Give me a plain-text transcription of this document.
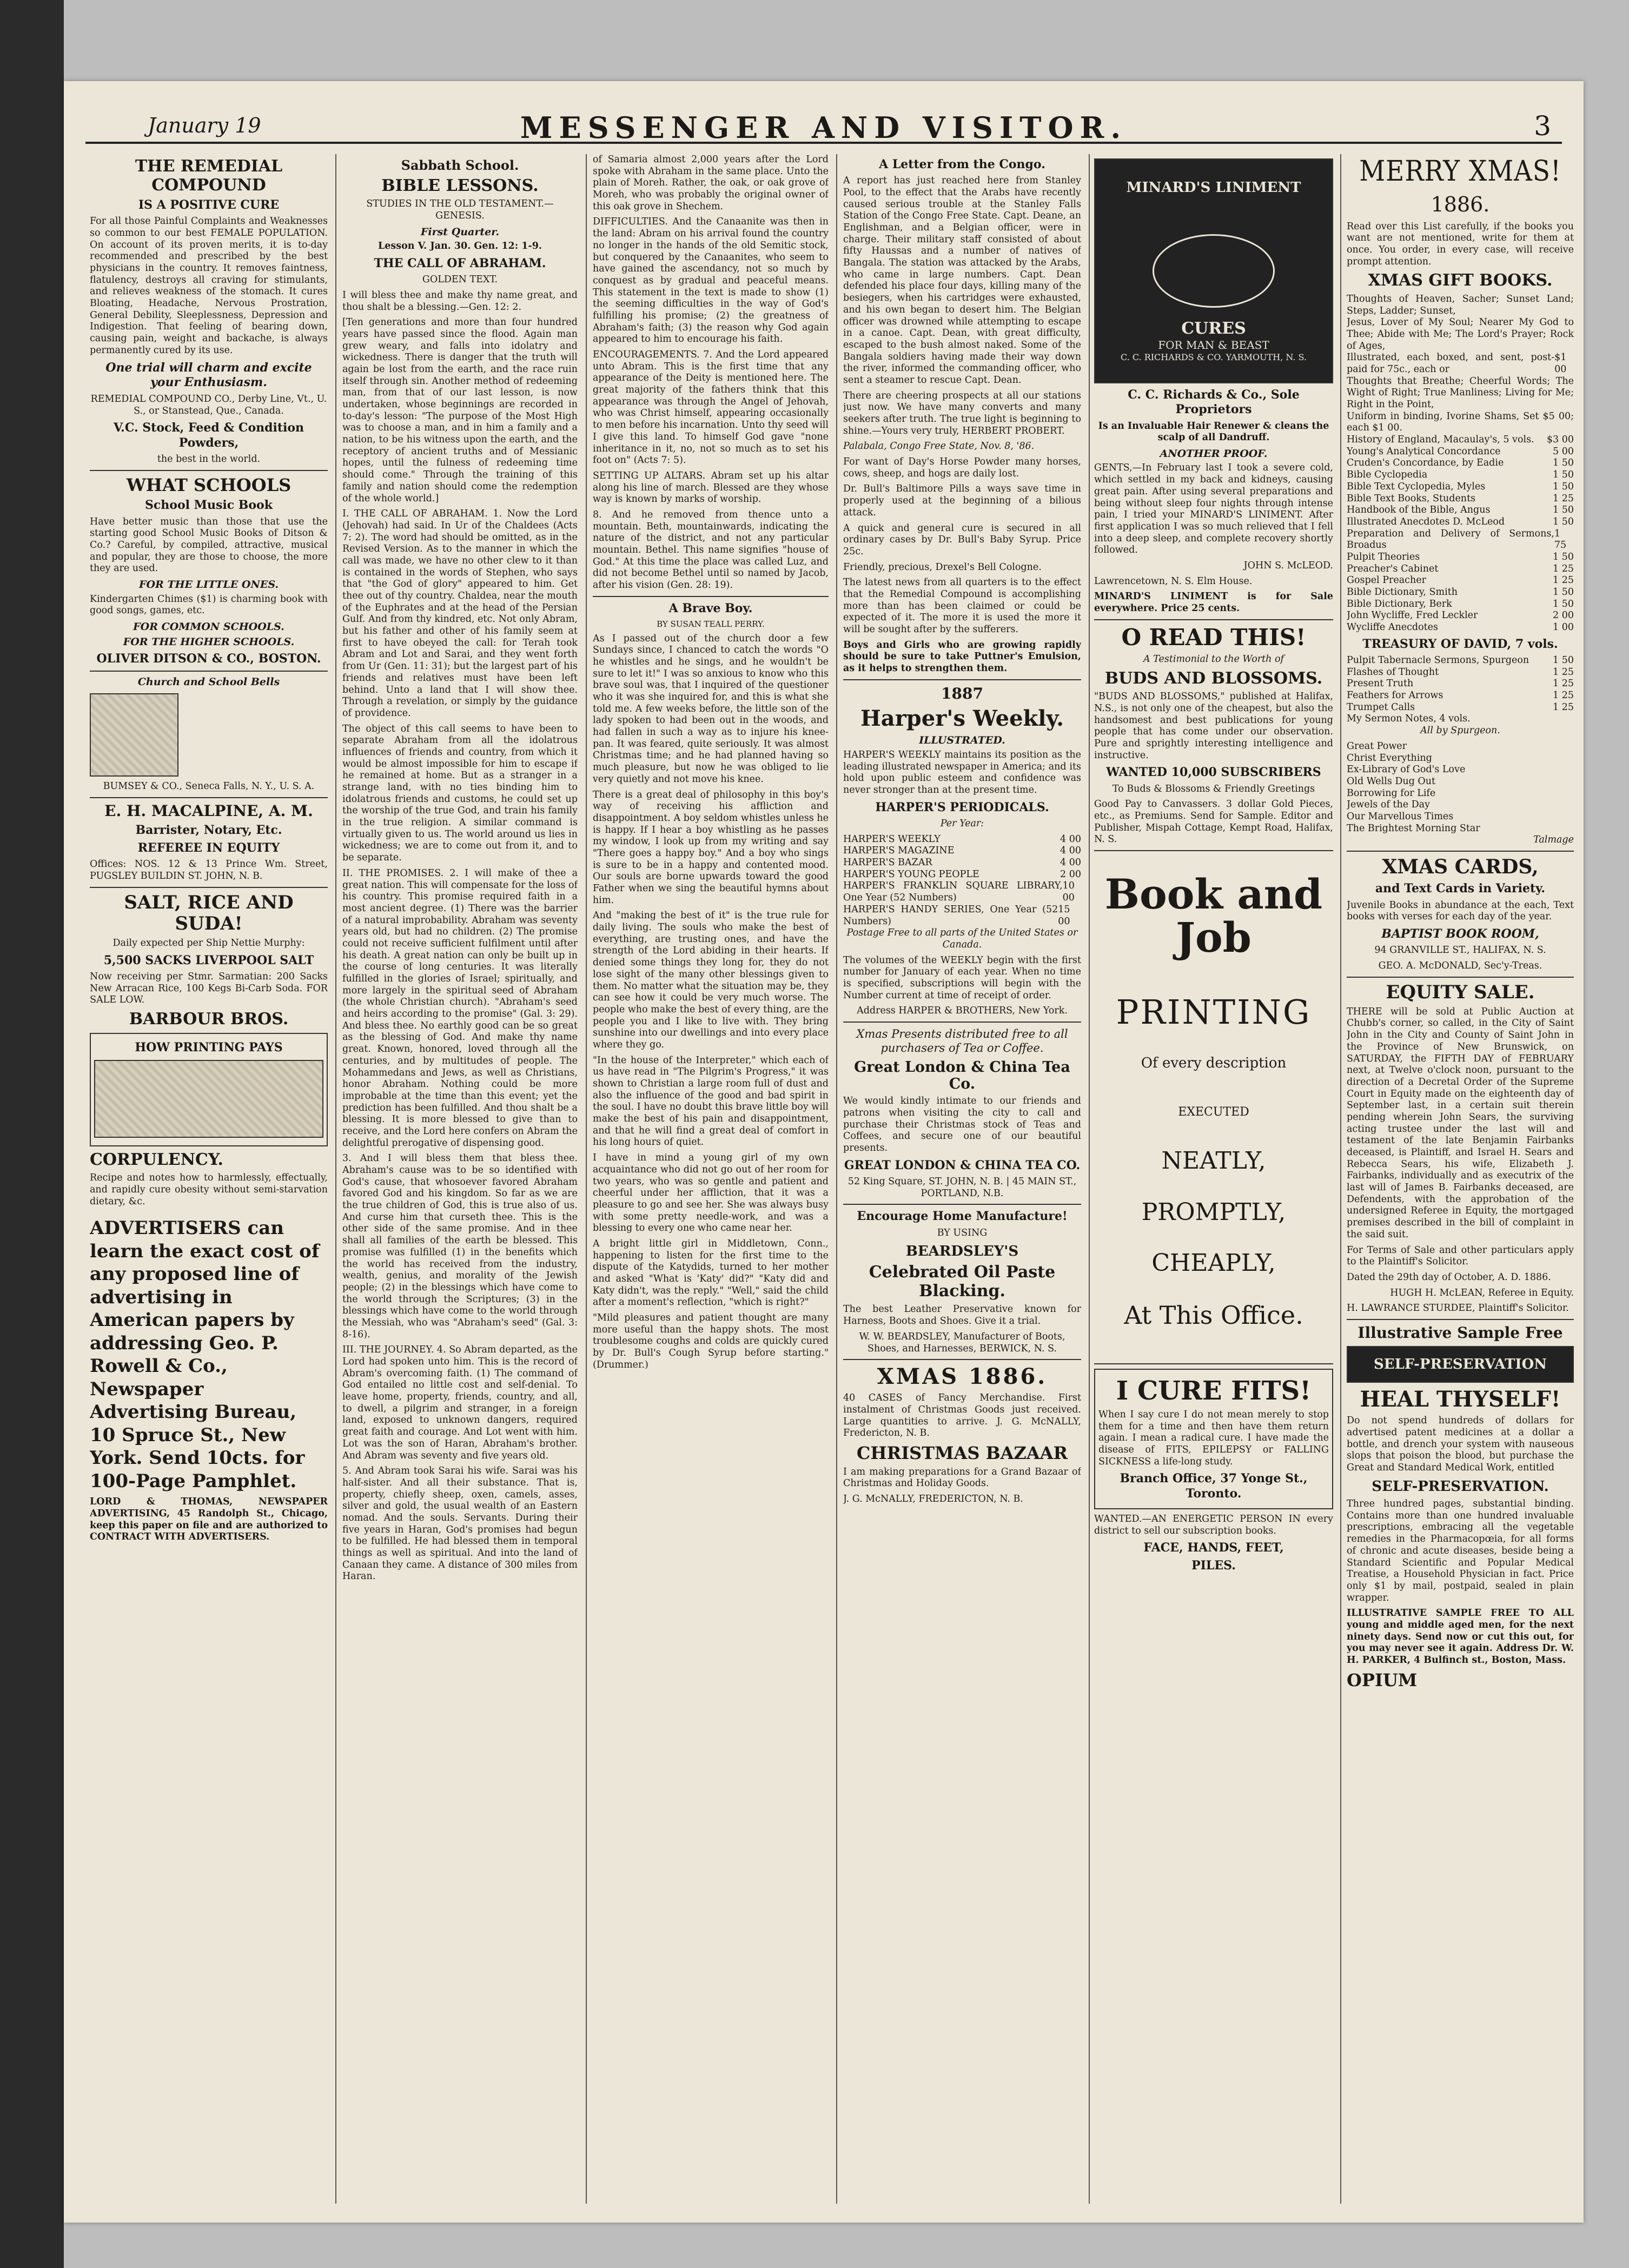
January 19	MESSENGER AND VISITOR.	3
THE REMEDIAL COMPOUND
IS A POSITIVE CURE

For all those Painful Complaints and Weaknesses so common to our best FEMALE POPULATION. On account of its proven merits, it is to-day recommended and prescribed by the best physicians in the country. It removes faintness, flatulency, destroys all craving for stimulants, and relieves weakness of the stomach. It cures Bloating, Headache, Nervous Prostration, General Debility, Sleeplessness, Depression and Indigestion. That feeling of bearing down, causing pain, weight and backache, is always permanently cured by its use.

One trial will charm and excite your Enthusiasm.

REMEDIAL COMPOUND CO., Derby Line, Vt., U. S., or Stanstead, Que., Canada.

V.C. Stock, Feed & Condition Powders,

the best in the world.

WHAT SCHOOLS
School Music Book

Have better music than those that use the starting good School Music Books of Ditson & Co.? Careful, by compiled, attractive, musical and popular, they are those to choose, the more they are used.

FOR THE LITTLE ONES.

Kindergarten Chimes ($1) is charming book with good songs, games, etc.

FOR COMMON SCHOOLS.
FOR THE HIGHER SCHOOLS.
OLIVER DITSON & CO., BOSTON.
Church and School Bells

BUMSEY & CO., Seneca Falls, N. Y., U. S. A.

E. H. MACALPINE, A. M.
Barrister, Notary, Etc.
REFEREE IN EQUITY

Offices: NOS. 12 & 13 Prince Wm. Street, PUGSLEY BUILDIN ST. JOHN, N. B.

SALT, RICE AND SUDA!

Daily expected per Ship Nettie Murphy:

5,500 SACKS LIVERPOOL SALT

Now receiving per Stmr. Sarmatian: 200 Sacks New Arracan Rice, 100 Kegs Bi-Carb Soda. FOR SALE LOW.

BARBOUR BROS.
HOW PRINTING PAYS
CORPULENCY.

Recipe and notes how to harmlessly, effectually, and rapidly cure obesity without semi-starvation dietary, &c.

ADVERTISERS can learn the exact cost of any proposed line of advertising in American papers by addressing Geo. P. Rowell & Co., Newspaper Advertising Bureau, 10 Spruce St., New York. Send 10cts. for 100-Page Pamphlet.

LORD & THOMAS, NEWSPAPER ADVERTISING, 45 Randolph St., Chicago, keep this paper on file and are authorized to CONTRACT WITH ADVERTISERS.

Sabbath School.
BIBLE LESSONS.

STUDIES IN THE OLD TESTAMENT.—GENESIS.

First Quarter.

Lesson V. Jan. 30. Gen. 12: 1-9.

THE CALL OF ABRAHAM.

GOLDEN TEXT.

I will bless thee and make thy name great, and thou shalt be a blessing.—Gen. 12: 2.

[Ten generations and more than four hundred years have passed since the flood. Again man grew weary, and falls into idolatry and wickedness. There is danger that the truth will again be lost from the earth, and the race ruin itself through sin. Another method of redeeming man, from that of our last lesson, is now undertaken, whose beginnings are recorded in to-day's lesson: "The purpose of the Most High was to choose a man, and in him a family and a nation, to be his witness upon the earth, and the receptory of ancient truths and of Messianic hopes, until the fulness of redeeming time should come." Through the training of this family and nation should come the redemption of the whole world.]

I. THE CALL OF ABRAHAM. 1. Now the Lord (Jehovah) had said. In Ur of the Chaldees (Acts 7: 2). The word had should be omitted, as in the Revised Version. As to the manner in which the call was made, we have no other clew to it than is contained in the words of Stephen, who says that "the God of glory" appeared to him. Get thee out of thy country. Chaldea, near the mouth of the Euphrates and at the head of the Persian Gulf. And from thy kindred, etc. Not only Abram, but his father and other of his family seem at first to have obeyed the call: for Terah took Abram and Lot and Sarai, and they went forth from Ur (Gen. 11: 31); but the largest part of his friends and relatives must have been left behind. Unto a land that I will show thee. Through a revelation, or simply by the guidance of providence.

The object of this call seems to have been to separate Abraham from all the idolatrous influences of friends and country, from which it would be almost impossible for him to escape if he remained at home. But as a stranger in a strange land, with no ties binding him to idolatrous friends and customs, he could set up the worship of the true God, and train his family in the true religion. A similar command is virtually given to us. The world around us lies in wickedness; we are to come out from it, and to be separate.

II. THE PROMISES. 2. I will make of thee a great nation. This will compensate for the loss of his country. This promise required faith in a most ancient degree. (1) There was the barrier of a natural improbability. Abraham was seventy years old, but had no children. (2) The promise could not receive sufficient fulfilment until after his death. A great nation can only be built up in the course of long centuries. It was literally fulfilled in the glories of Israel; spiritually, and more largely in the spiritual seed of Abraham (the whole Christian church). "Abraham's seed and heirs according to the promise" (Gal. 3: 29). And bless thee. No earthly good can be so great as the blessing of God. And make thy name great. Known, honored, loved through all the centuries, and by multitudes of people. The Mohammedans and Jews, as well as Christians, honor Abraham. Nothing could be more improbable at the time than this event; yet the prediction has been fulfilled. And thou shalt be a blessing. It is more blessed to give than to receive, and the Lord here confers on Abram the delightful prerogative of dispensing good.

3. And I will bless them that bless thee. Abraham's cause was to be so identified with God's cause, that whosoever favored Abraham favored God and his kingdom. So far as we are the true children of God, this is true also of us. And curse him that curseth thee. This is the other side of the same promise. And in thee shall all families of the earth be blessed. This promise was fulfilled (1) in the benefits which the world has received from the industry, wealth, genius, and morality of the Jewish people; (2) in the blessings which have come to the world through the Scriptures; (3) in the blessings which have come to the world through the Messiah, who was "Abraham's seed" (Gal. 3: 8-16).

III. THE JOURNEY. 4. So Abram departed, as the Lord had spoken unto him. This is the record of Abram's overcoming faith. (1) The command of God entailed no little cost and self-denial. To leave home, property, friends, country, and all, to dwell, a pilgrim and stranger, in a foreign land, exposed to unknown dangers, required great faith and courage. And Lot went with him. Lot was the son of Haran, Abraham's brother. And Abram was seventy and five years old.

5. And Abram took Sarai his wife. Sarai was his half-sister. And all their substance. That is, property, chiefly sheep, oxen, camels, asses, silver and gold, the usual wealth of an Eastern nomad. And the souls. Servants. During their five years in Haran, God's promises had begun to be fulfilled. He had blessed them in temporal things as well as spiritual. And into the land of Canaan they came. A distance of 300 miles from Haran.

of Samaria almost 2,000 years after the Lord spoke with Abraham in the same place. Unto the plain of Moreh. Rather, the oak, or oak grove of Moreh, who was probably the original owner of this oak grove in Shechem.

DIFFICULTIES. And the Canaanite was then in the land: Abram on his arrival found the country no longer in the hands of the old Semitic stock, but conquered by the Canaanites, who seem to have gained the ascendancy, not so much by conquest as by gradual and peaceful means. This statement in the text is made to show (1) the seeming difficulties in the way of God's fulfilling his promise; (2) the greatness of Abraham's faith; (3) the reason why God again appeared to him to encourage his faith.

ENCOURAGEMENTS. 7. And the Lord appeared unto Abram. This is the first time that any appearance of the Deity is mentioned here. The great majority of the fathers think that this appearance was through the Angel of Jehovah, who was Christ himself, appearing occasionally to men before his incarnation. Unto thy seed will I give this land. To himself God gave "none inheritance in it, no, not so much as to set his foot on" (Acts 7: 5).

SETTING UP ALTARS. Abram set up his altar along his line of march. Blessed are they whose way is known by marks of worship.

8. And he removed from thence unto a mountain. Beth, mountainwards, indicating the nature of the district, and not any particular mountain. Bethel. This name signifies "house of God." At this time the place was called Luz, and did not become Bethel until so named by Jacob, after his vision (Gen. 28: 19).

A Brave Boy.

BY SUSAN TEALL PERRY.

As I passed out of the church door a few Sundays since, I chanced to catch the words "O he whistles and he sings, and he wouldn't be sure to let it!" I was so anxious to know who this brave soul was, that I inquired of the questioner who it was she inquired for, and this is what she told me. A few weeks before, the little son of the lady spoken to had been out in the woods, and had fallen in such a way as to injure his knee-pan. It was feared, quite seriously. It was almost Christmas time; and he had planned having so much pleasure, but now he was obliged to lie very quietly and not move his knee.

There is a great deal of philosophy in this boy's way of receiving his affliction and disappointment. A boy seldom whistles unless he is happy. If I hear a boy whistling as he passes my window, I look up from my writing and say "There goes a happy boy." And a boy who sings is sure to be in a happy and contented mood. Our souls are borne upwards toward the good Father when we sing the beautiful hymns about him.

And "making the best of it" is the true rule for daily living. The souls who make the best of everything, are trusting ones, and have the strength of the Lord abiding in their hearts. If denied some things they long for, they do not lose sight of the many other blessings given to them. No matter what the situation may be, they can see how it could be very much worse. The people who make the best of every thing, are the people you and I like to live with. They bring sunshine into our dwellings and into every place where they go.

"In the house of the Interpreter," which each of us have read in "The Pilgrim's Progress," it was shown to Christian a large room full of dust and also the influence of the good and bad spirit in the soul. I have no doubt this brave little boy will make the best of his pain and disappointment, and that he will find a great deal of comfort in his long hours of quiet.

I have in mind a young girl of my own acquaintance who did not go out of her room for two years, who was so gentle and patient and cheerful under her affliction, that it was a pleasure to go and see her. She was always busy with some pretty needle-work, and was a blessing to every one who came near her.

A bright little girl in Middletown, Conn., happening to listen for the first time to the dispute of the Katydids, turned to her mother and asked "What is 'Katy' did?" "Katy did and Katy didn't, was the reply." "Well," said the child after a moment's reflection, "which is right?"

"Mild pleasures and patient thought are many more useful than the happy shots. The most troublesome coughs and colds are quickly cured by Dr. Bull's Cough Syrup before starting." (Drummer.)

A Letter from the Congo.

A report has just reached here from Stanley Pool, to the effect that the Arabs have recently caused serious trouble at the Stanley Falls Station of the Congo Free State. Capt. Deane, an Englishman, and a Belgian officer, were in charge. Their military staff consisted of about fifty Haussas and a number of natives of Bangala. The station was attacked by the Arabs, who came in large numbers. Capt. Dean defended his place four days, killing many of the besiegers, when his cartridges were exhausted, and his own began to desert him. The Belgian officer was drowned while attempting to escape in a canoe. Capt. Dean, with great difficulty, escaped to the bush almost naked. Some of the Bangala soldiers having made their way down the river, informed the commanding officer, who sent a steamer to rescue Capt. Dean.

There are cheering prospects at all our stations just now. We have many converts and many seekers after truth. The true light is beginning to shine.—Yours very truly, HERBERT PROBERT.

Palabala, Congo Free State, Nov. 8, '86.

For want of Day's Horse Powder many horses, cows, sheep, and hogs are daily lost.

Dr. Bull's Baltimore Pills a ways save time in properly used at the beginning of a bilious attack.

A quick and general cure is secured in all ordinary cases by Dr. Bull's Baby Syrup. Price 25c.

Friendly, precious, Drexel's Bell Cologne.

The latest news from all quarters is to the effect that the Remedial Compound is accomplishing more than has been claimed or could be expected of it. The more it is used the more it will be sought after by the sufferers.

Boys and Girls who are growing rapidly should be sure to take Puttner's Emulsion, as it helps to strengthen them.

1887
Harper's Weekly.
ILLUSTRATED.

HARPER'S WEEKLY maintains its position as the leading illustrated newspaper in America; and its hold upon public esteem and confidence was never stronger than at the present time.

HARPER'S PERIODICALS.

Per Year:

HARPER'S WEEKLY	4 00
HARPER'S MAGAZINE	4 00
HARPER'S BAZAR	4 00
HARPER'S YOUNG PEOPLE	2 00
HARPER'S FRANKLIN SQUARE LIBRARY, One Year (52 Numbers)
10 00
HARPER'S HANDY SERIES, One Year (52 Numbers)
15 00

Postage Free to all parts of the United States or Canada.

The volumes of the WEEKLY begin with the first number for January of each year. When no time is specified, subscriptions will begin with the Number current at time of receipt of order.

Address HARPER & BROTHERS, New York.

Xmas Presents distributed free to all purchasers of Tea or Coffee.

Great London & China Tea Co.

We would kindly intimate to our friends and patrons when visiting the city to call and purchase their Christmas stock of Teas and Coffees, and secure one of our beautiful presents.

GREAT LONDON & CHINA TEA CO.

52 King Square, ST. JOHN, N. B. | 45 MAIN ST., PORTLAND, N.B.

Encourage Home Manufacture!

BY USING

BEARDSLEY'S
Celebrated Oil Paste Blacking.

The best Leather Preservative known for Harness, Boots and Shoes. Give it a trial.

W. W. BEARDSLEY, Manufacturer of Boots, Shoes, and Harnesses, BERWICK, N. S.

XMAS 1886.

40 CASES of Fancy Merchandise. First instalment of Christmas Goods just received. Large quantities to arrive. J. G. McNALLY, Fredericton, N. B.

CHRISTMAS BAZAAR

I am making preparations for a Grand Bazaar of Christmas and Holiday Goods.

J. G. McNALLY, FREDERICTON, N. B.

MINARD'S LINIMENT
CURES
FOR MAN & BEAST
C. C. RICHARDS & CO. YARMOUTH, N. S.
C. C. Richards & Co., Sole Proprietors

Is an Invaluable Hair Renewer & cleans the scalp of all Dandruff.

ANOTHER PROOF.

GENTS,—In February last I took a severe cold, which settled in my back and kidneys, causing great pain. After using several preparations and being without sleep four nights through intense pain, I tried your MINARD'S LINIMENT. After first application I was so much relieved that I fell into a deep sleep, and complete recovery shortly followed.

JOHN S. McLEOD.

Lawrencetown, N. S. Elm House.

MINARD'S LINIMENT is for Sale everywhere. Price 25 cents.

O READ THIS!

A Testimonial to the Worth of

BUDS AND BLOSSOMS.

"BUDS AND BLOSSOMS," published at Halifax, N.S., is not only one of the cheapest, but also the handsomest and best publications for young people that has come under our observation. Pure and sprightly interesting intelligence and instructive.

WANTED 10,000 SUBSCRIBERS

To Buds & Blossoms & Friendly Greetings

Good Pay to Canvassers. 3 dollar Gold Pieces, etc., as Premiums. Send for Sample. Editor and Publisher, Mispah Cottage, Kempt Road, Halifax, N. S.

Book and Job
PRINTING
Of every description
EXECUTED
NEATLY,
PROMPTLY,
CHEAPLY,
At This Office.
I CURE FITS!

When I say cure I do not mean merely to stop them for a time and then have them return again. I mean a radical cure. I have made the disease of FITS, EPILEPSY or FALLING SICKNESS a life-long study.

Branch Office, 37 Yonge St., Toronto.

WANTED.—AN ENERGETIC PERSON IN every district to sell our subscription books.

FACE, HANDS, FEET,
PILES.
MERRY XMAS!
1886.

Read over this List carefully, if the books you want are not mentioned, write for them at once. You order, in every case, will receive prompt attention.

XMAS GIFT BOOKS.
Thoughts of Heaven, Sacher; Sunset Land; Steps, Ladder; Sunset,
Jesus, Lover of My Soul; Nearer My God to Thee; Abide with Me; The Lord's Prayer; Rock of Ages,
Illustrated, each boxed, and sent, post-paid for 75c., each or
$1 00
Thoughts that Breathe; Cheerful Words; The Wight of Right; True Manliness; Living for Me; Right in the Point,
Uniform in binding, Ivorine Shams, Set $5 00; each $1 00.
History of England, Macaulay's, 5 vols. $3 00
Young's Analytical Concordance	5 00
Cruden's Concordance, by Eadie	1 50
Bible Cyclopedia	1 50
Bible Text Cyclopedia, Myles	1 50
Bible Text Books, Students	1 25
Handbook of the Bible, Angus	1 50
Illustrated Anecdotes D. McLeod	1 50
Preparation and Delivery of Sermons, Broadus
1 75
Pulpit Theories	1 50
Preacher's Cabinet	1 25
Gospel Preacher	1 25
Bible Dictionary, Smith	1 50
Bible Dictionary, Berk	1 50
John Wycliffe, Fred Leckler	2 00
Wycliffe Anecdotes	1 00
TREASURY OF DAVID, 7 vols.
Pulpit Tabernacle Sermons, Spurgeon	1 50
Flashes of Thought	1 25
Present Truth	1 25
Feathers for Arrows	1 25
Trumpet Calls	1 25
My Sermon Notes, 4 vols.

All by Spurgeon.

Great Power
Christ Everything
Ex-Library of God's Love
Old Wells Dug Out
Borrowing for Life
Jewels of the Day
Our Marvellous Times
The Brightest Morning Star

Talmage

XMAS CARDS,
and Text Cards in Variety.

Juvenile Books in abundance at the each, Text books with verses for each day of the year.

BAPTIST BOOK ROOM,

94 GRANVILLE ST., HALIFAX, N. S.

GEO. A. McDONALD, Sec'y-Treas.

EQUITY SALE.

THERE will be sold at Public Auction at Chubb's corner, so called, in the City of Saint John in the City and County of Saint John in the Province of New Brunswick, on SATURDAY, the FIFTH DAY of FEBRUARY next, at Twelve o'clock noon, pursuant to the direction of a Decretal Order of the Supreme Court in Equity made on the eighteenth day of September last, in a certain suit therein pending wherein John Sears, the surviving acting trustee under the last will and testament of the late Benjamin Fairbanks deceased, is Plaintiff, and Israel H. Sears and Rebecca Sears, his wife, Elizabeth J. Fairbanks, individually and as executrix of the last will of James B. Fairbanks deceased, are Defendents, with the approbation of the undersigned Referee in Equity, the mortgaged premises described in the bill of complaint in the said suit.

For Terms of Sale and other particulars apply to the Plaintiff's Solicitor.

Dated the 29th day of October, A. D. 1886.

HUGH H. McLEAN, Referee in Equity.

H. LAWRANCE STURDEE, Plaintiff's Solicitor.

Illustrative Sample Free
SELF-PRESERVATION
HEAL THYSELF!

Do not spend hundreds of dollars for advertised patent medicines at a dollar a bottle, and drench your system with nauseous slops that poison the blood, but purchase the Great and Standard Medical Work, entitled

SELF-PRESERVATION.

Three hundred pages, substantial binding. Contains more than one hundred invaluable prescriptions, embracing all the vegetable remedies in the Pharmacopœia, for all forms of chronic and acute diseases, beside being a Standard Scientific and Popular Medical Treatise, a Household Physician in fact. Price only $1 by mail, postpaid, sealed in plain wrapper.

ILLUSTRATIVE SAMPLE FREE TO ALL young and middle aged men, for the next ninety days. Send now or cut this out, for you may never see it again. Address Dr. W. H. PARKER, 4 Bulfinch st., Boston, Mass.

OPIUM
